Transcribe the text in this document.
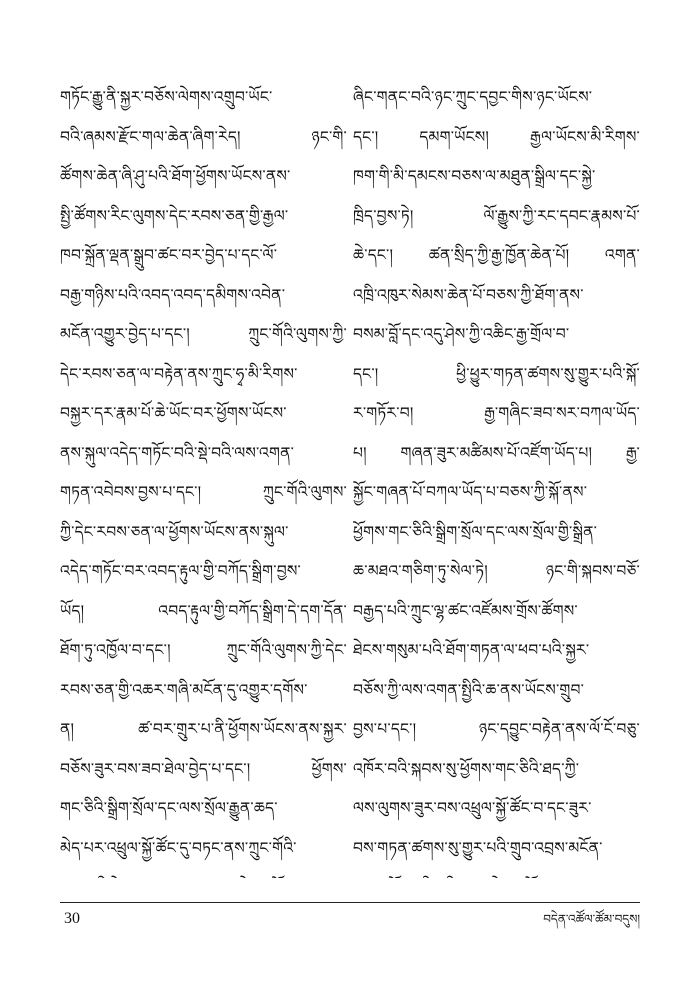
གཏོང་རྒྱུ་ནི་སྐྱར་བཅོས་ལེགས་འགྲུབ་ཡོང་
བའི་ཞམས་རྫོང་གལ་ཆེན་ཞིག་རེད། ཉང་གི་
ཚོགས་ཆེན་ཞི་ཤུ་པའི་ཐོག་ཕྱོགས་ཡོངས་ནས་
སྤྱི་ཚོགས་རིང་ལུགས་དེང་རབས་ཅན་གྱི་རྒྱལ་
ཁབ་སྐྲོན་ལྡན་སྒྲུབ་ཚང་བར་བྱེད་པ་དང་ལོ་
བརྒྱ་གཉིས་པའི་འབད་འབད་དམིགས་འབེན་
མངོན་འགྱུར་བྱེད་པ་དང་། ཀྲུང་གོའི་ལུགས་ཀྱི་
དེང་རབས་ཅན་ལ་བརྟེན་ནས་ཀྲུང་ཧྭ་མི་རིགས་
བསྐྱར་དར་རྣམ་པོ་ཆེ་ཡོང་བར་ཕྱོགས་ཡོངས་
ནས་སྐུལ་འདེད་གཏོང་བའི་སྡེ་བའི་ལས་འགན་
གཏན་འབེབས་བྱས་པ་དང་། ཀྲུང་གོའི་ལུགས་
ཀྱི་དེང་རབས་ཅན་ལ་ཕྱོགས་ཡོངས་ནས་སྐུལ་
འདེད་གཏོང་བར་འབད་རྟུལ་གྱི་བཀོད་སྒྲིག་བྱས་
ཡོད། འབད་རྟུལ་གྱི་བཀོད་སྒྲིག་དེ་དག་དོན་
ཐོག་ཏུ་འཁྱོལ་བ་དང་། ཀྲུང་གོའི་ལུགས་ཀྱི་དེང་
རབས་ཅན་གྱི་འཆར་གཞི་མངོན་དུ་འགྱུར་དགོས་
ན། ཚ་བར་གྲུར་པ་ནི་ཕྱོགས་ཡོངས་ནས་སྐྱར་
བཅོས་ཟུར་བས་ཟབ་ཐེལ་བྱེད་པ་དང་། ཕྱོགས་
གང་ཅིའི་སྒྲིག་སྲོལ་དང་ལས་སྲོལ་རྒྱུན་ཆད་
མེད་པར་འཕྲུལ་སྐྱོ་ཚོང་དུ་བཏང་ནས་ཀྲུང་གོའི་
ཞིང་གནང་བའི་ཉང་ཀྲུང་དབྱང་གིས་ཉང་ཡོངས་
དང་། དམག་ཡོངས། རྒྱལ་ཡོངས་མི་རིགས་
ཁག་གི་མི་དམངས་བཅས་ལ་མཐུན་སྒྲིལ་དང་སྐྱེ་
ཁྲིད་བྱས་ཏེ། ལོ་རྒྱུས་ཀྱི་རང་དབང་རྣམས་པོ་
ཆེ་དང་། ཚན་སྲིད་ཀྱི་རྒྱ་ཁྱོན་ཆེན་པོ། འགན་
འཁྲི་འཁུར་སེམས་ཆེན་པོ་བཅས་ཀྱི་ཐོག་ནས་
བསམ་བློ་དང་འདུ་ཤེས་ཀྱི་འཆིང་རྒྱ་གྲོལ་བ་
དང་། ཕྱི་ཕྱུར་གཏན་ཚགས་སུ་གྱུར་པའི་སྐོ་
ར་གཏོར་བ། རྒྱ་གཞིང་ཟབ་སར་བཀལ་ཡོད་
པ། གཞན་ཟུར་མཚིམས་པོ་འཛོག་ཡོད་པ། རྒྱ་
སྐྱོང་གཞན་པོ་བཀལ་ཡོད་པ་བཅས་ཀྱི་སྐོ་ནས་
ཕྱོགས་གང་ཅིའི་སྒྲིག་སྲོལ་དང་ལས་སྲོལ་གྱི་སྒྲིན་
ཆ་མཐའ་གཅིག་ཏུ་སེལ་ཏེ། ཉང་གི་སྐབས་བཅོ་
བརྒྱད་པའི་ཀྲུང་ལྷ་ཚང་འཛོམས་གྲོས་ཚོགས་
ཐེངས་གསུམ་པའི་ཐོག་གཏན་ལ་ཕབ་པའི་སྐྱར་
བཅོས་ཀྱི་ལས་འགན་སྤྱིའི་ཆ་ནས་ཡོངས་གྲུབ་
བྱས་པ་དང་། ཉང་དབྱུང་བརྟེན་ནས་ལོ་ངོ་བཅུ་
འཁོར་བའི་སྐབས་སུ་ཕྱོགས་གང་ཅིའི་ཐད་ཀྱི་
ལས་ལུགས་ཟུར་བས་འཕྲུལ་སྐྱོ་ཚོང་བ་དང་ཟུར་
བས་གཏན་ཚགས་སུ་གྱུར་པའི་གྲུབ་འབྲས་མངོན་
30	བདེན་འཚོལ་ཚོམ་བདུས།
